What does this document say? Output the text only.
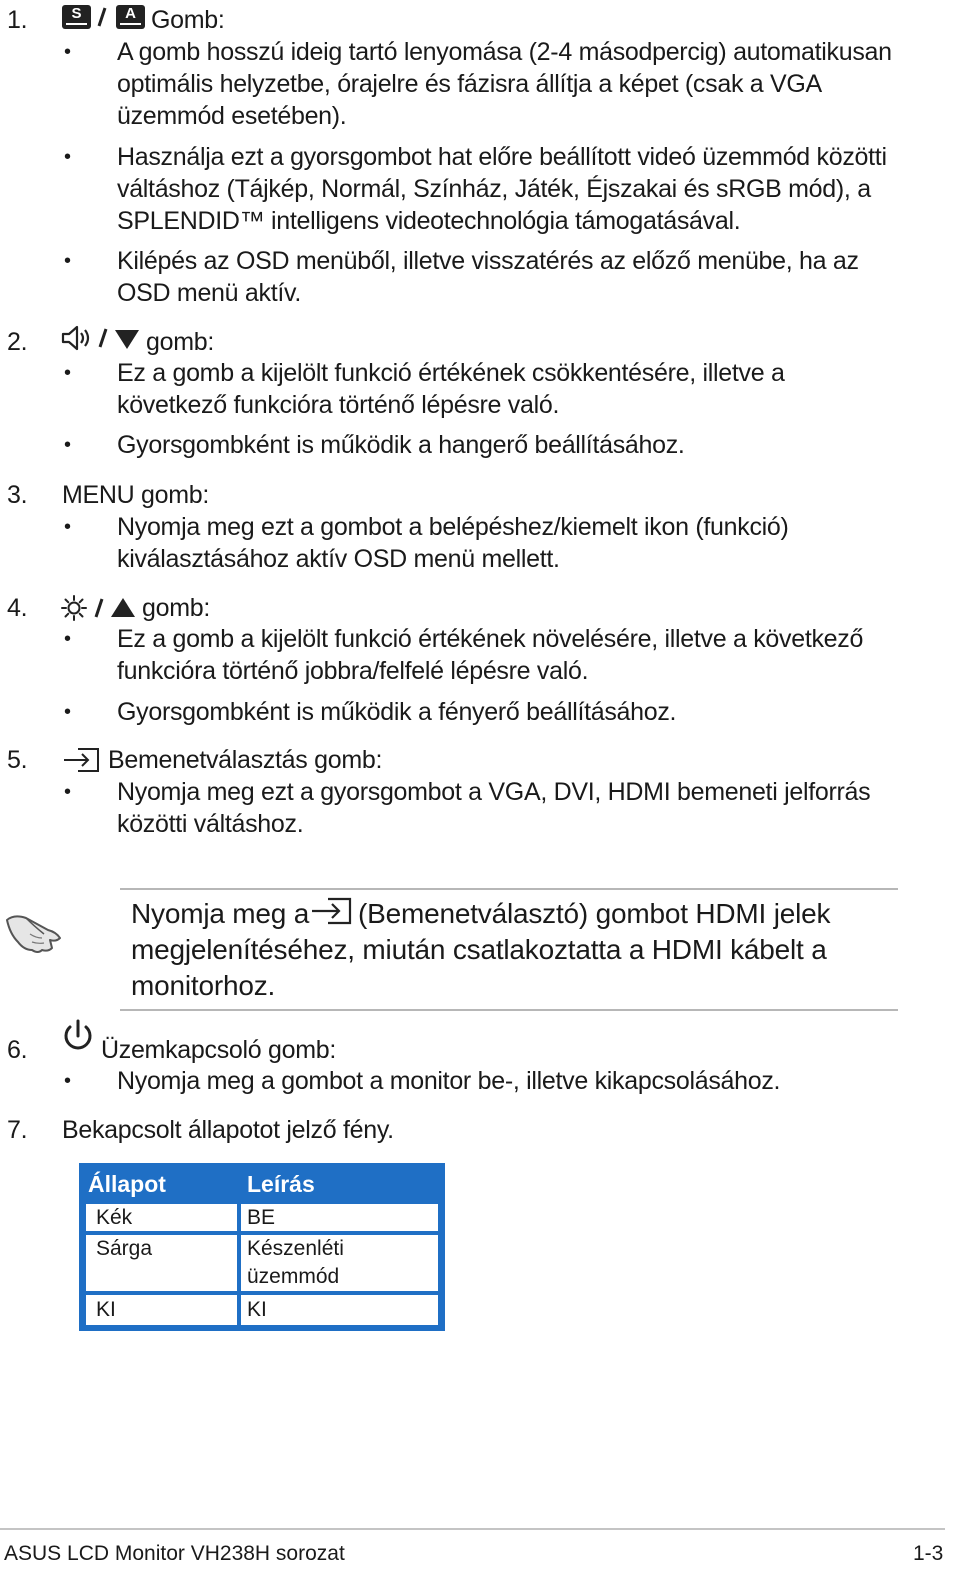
1.	S	A Gomb:
• A gomb hosszú ideig tartó lenyomása (2-4 másodpercig) automatikusan
optimális helyzetbe, órajelre és fázisra állítja a képet (csak a VGA
üzemmód esetében).
• Használja ezt a gyorsgombot hat előre beállított videó üzemmód közötti
váltáshoz (Tájkép, Normál, Színház, Játék, Éjszakai és sRGB mód), a
SPLENDID™ intelligens videotechnológia támogatásával.
• Kilépés az OSD menüből, illetve visszatérés az előző menübe, ha az
OSD menü aktív.
2.	gomb:
• Ez a gomb a kijelölt funkció értékének csökkentésére, illetve a
következő funkcióra történő lépésre való.
• Gyorsgombként is működik a hangerő beállításához.
3. MENU gomb:
• Nyomja meg ezt a gombot a belépéshez/kiemelt ikon (funkció)
kiválasztásához aktív OSD menü mellett.
4.	gomb:
• Ez a gomb a kijelölt funkció értékének növelésére, illetve a következő
funkcióra történő jobbra/felfelé lépésre való.
• Gyorsgombként is működik a fényerő beállításához.
5.	Bemenetválasztás gomb:
• Nyomja meg ezt a gyorsgombot a VGA, DVI, HDMI bemeneti jelforrás
közötti váltáshoz.
Nyomja meg a (Bemenetválasztó) gombot HDMI jelek
megjelenítéséhez, miután csatlakoztatta a HDMI kábelt a
monitorhoz.
6.	Üzemkapcsoló gomb:
• Nyomja meg a gombot a monitor be-, illetve kikapcsolásához.
7. Bekapcsolt állapotot jelző fény.
Állapot	Leírás
Kék	BE
Sárga	Készenléti
üzemmód
KI	KI
ASUS LCD Monitor VH238H sorozat	1-3
